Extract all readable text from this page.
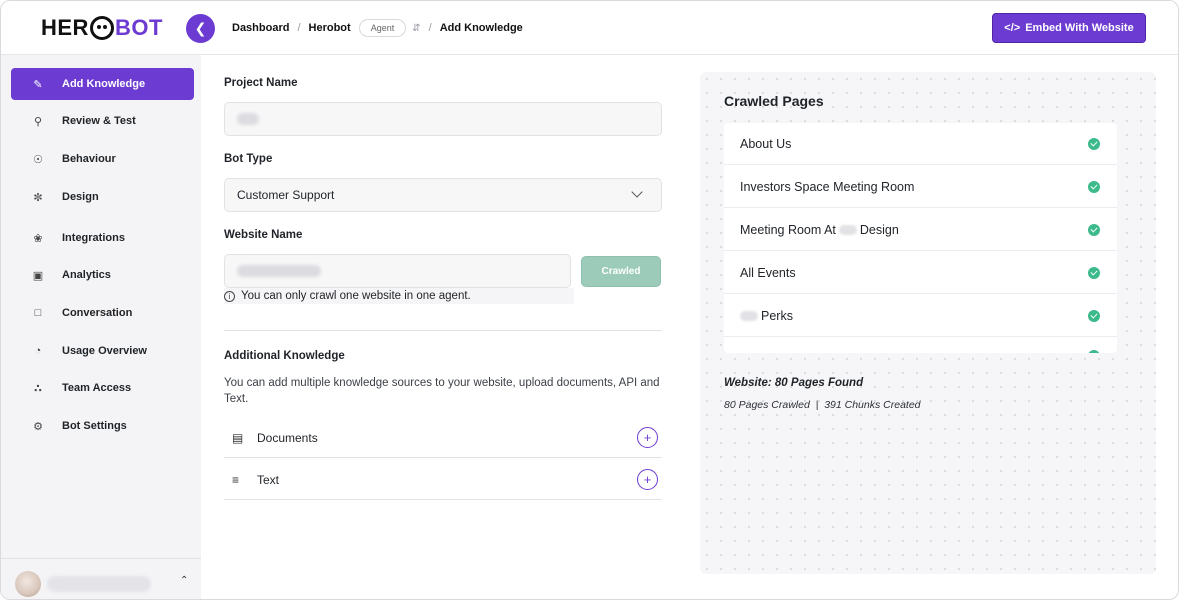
HER BOT ❮ Dashboard / Herobot	Agent	⇵ / Add Knowledge	</> Embed With Website
✎ Add Knowledge
⚲ Review & Test
☉ Behaviour
✼ Design
❀ Integrations
▣ Analytics
□	Conversation
◔	Usage Overview
∴ Team Access
⚙ Bot Settings
⌃
Project Name
Bot Type
Customer Support
Website Name
Crawled
i You can only crawl one website in one agent.
Additional Knowledge
You can add multiple knowledge sources to your website, upload documents, API and Text.
▤ Documents	+
≡	Text	+
Crawled Pages
About Us
Investors Space Meeting Room
Meeting Room At Design
All Events
Perks
Website: 80 Pages Found
80 Pages Crawled  |  391 Chunks Created
